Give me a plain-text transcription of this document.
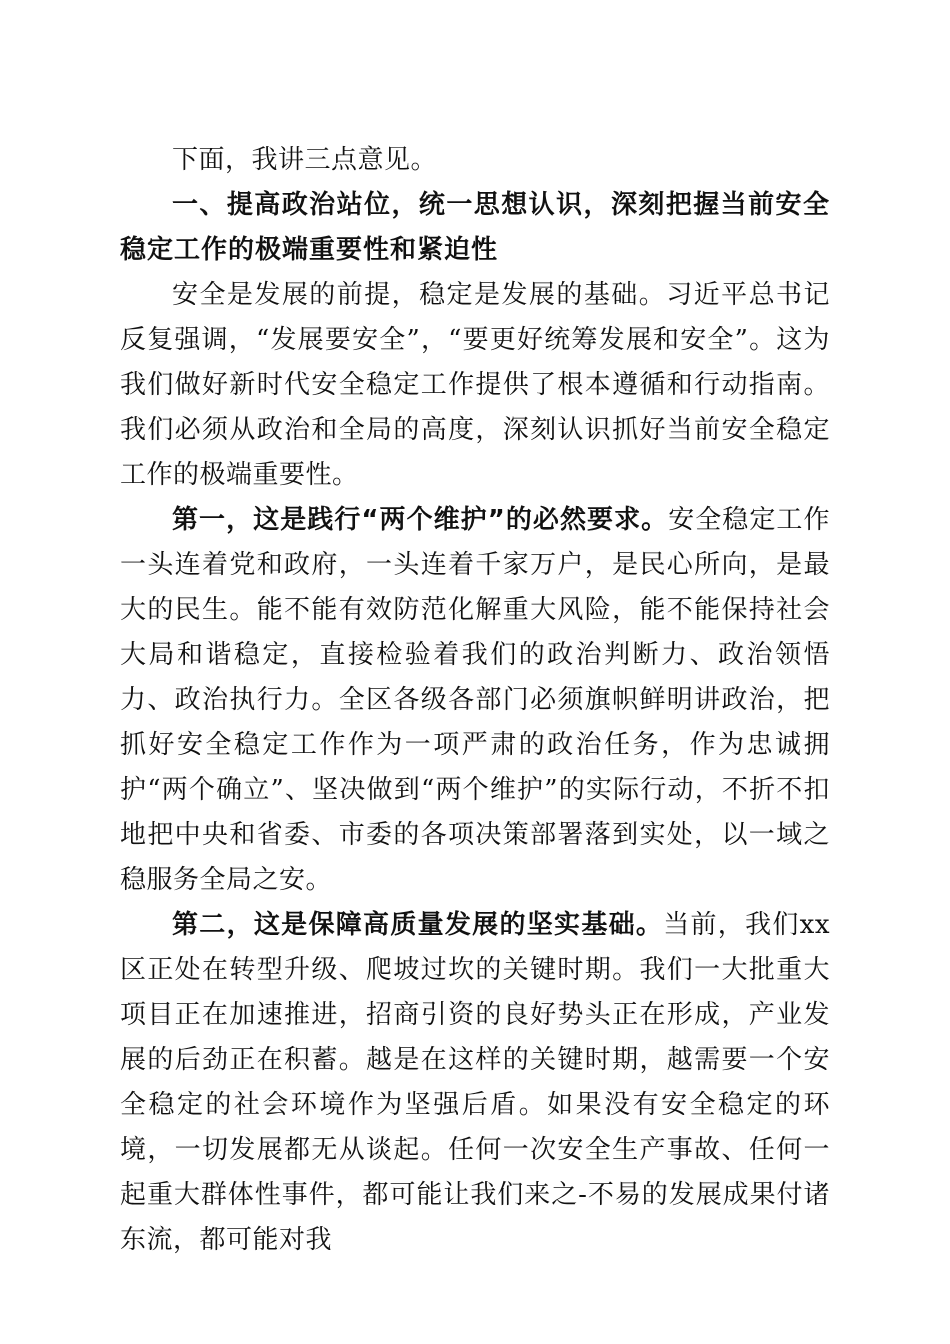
下面，我讲三点意见。

一、提高政治站位，统一思想认识，深刻把握当前安全稳定工作的极端重要性和紧迫性

安全是发展的前提，稳定是发展的基础。习近平总书记反复强调，“发展要安全”，“要更好统筹发展和安全”。这为我们做好新时代安全稳定工作提供了根本遵循和行动指南。我们必须从政治和全局的高度，深刻认识抓好当前安全稳定工作的极端重要性。

第一，这是践行“两个维护”的必然要求。安全稳定工作一头连着党和政府，一头连着千家万户，是民心所向，是最大的民生。能不能有效防范化解重大风险，能不能保持社会大局和谐稳定，直接检验着我们的政治判断力、政治领悟力、政治执行力。全区各级各部门必须旗帜鲜明讲政治，把抓好安全稳定工作作为一项严肃的政治任务，作为忠诚拥护“两个确立”、坚决做到“两个维护”的实际行动，不折不扣地把中央和省委、市委的各项决策部署落到实处，以一域之稳服务全局之安。

第二，这是保障高质量发展的坚实基础。当前，我们xx区正处在转型升级、爬坡过坎的关键时期。我们一大批重大项目正在加速推进，招商引资的良好势头正在形成，产业发展的后劲正在积蓄。越是在这样的关键时期，越需要一个安全稳定的社会环境作为坚强后盾。如果没有安全稳定的环境，一切发展都无从谈起。任何一次安全生产事故、任何一起重大群体性事件，都可能让我们来之-不易的发展成果付诸东流，都可能对我
